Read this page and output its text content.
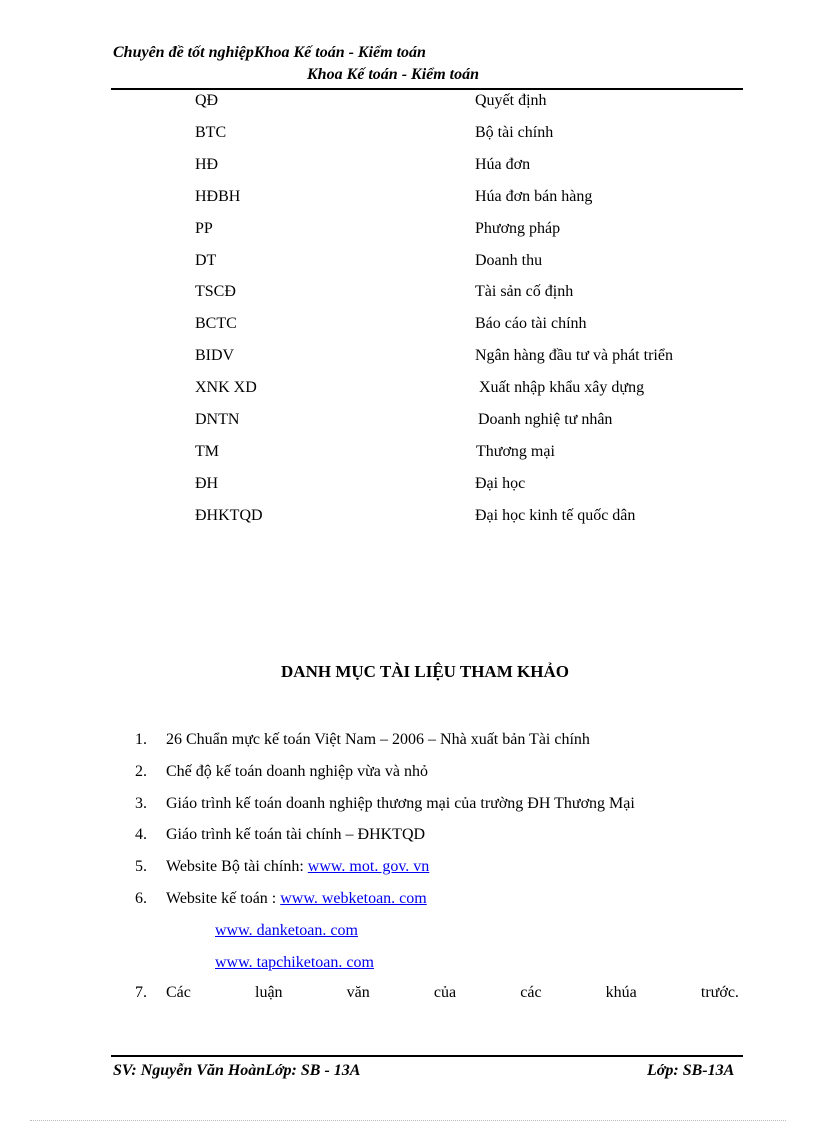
Chuyên đề tốt nghiệpKhoa Kế toán - Kiểm toán
Khoa Kế toán - Kiểm toán
QĐ	Quyết định
BTC	Bộ tài chính
HĐ	Húa đơn
HĐBH	Húa đơn bán hàng
PP	Phương pháp
DT	Doanh thu
TSCĐ	Tài sản cố định
BCTC	Báo cáo tài chính
BIDV	Ngân hàng đầu tư và phát triển
XNK XD	Xuất nhập khẩu xây dựng
DNTN	Doanh nghiệ tư nhân
TM	Thương mại
ĐH	Đại học
ĐHKTQD	Đại học kinh tế quốc dân
DANH MỤC TÀI LIỆU THAM KHẢO
1. 26 Chuẩn mực kế toán Việt Nam – 2006 – Nhà xuất bản Tài chính
2. Chế độ kế toán doanh nghiệp vừa và nhỏ
3. Giáo trình kế toán doanh nghiệp thương mại của trường ĐH Thương Mại
4. Giáo trình kế toán tài chính – ĐHKTQD
5. Website Bộ tài chính: www. mot. gov. vn
6. Website kế toán : www. webketoan. com
www. danketoan. com
www. tapchiketoan. com
7. Các	luận	văn	của	các	khúa	trước.
SV: Nguyễn Văn HoànLớp: SB - 13A	Lớp: SB-13A
